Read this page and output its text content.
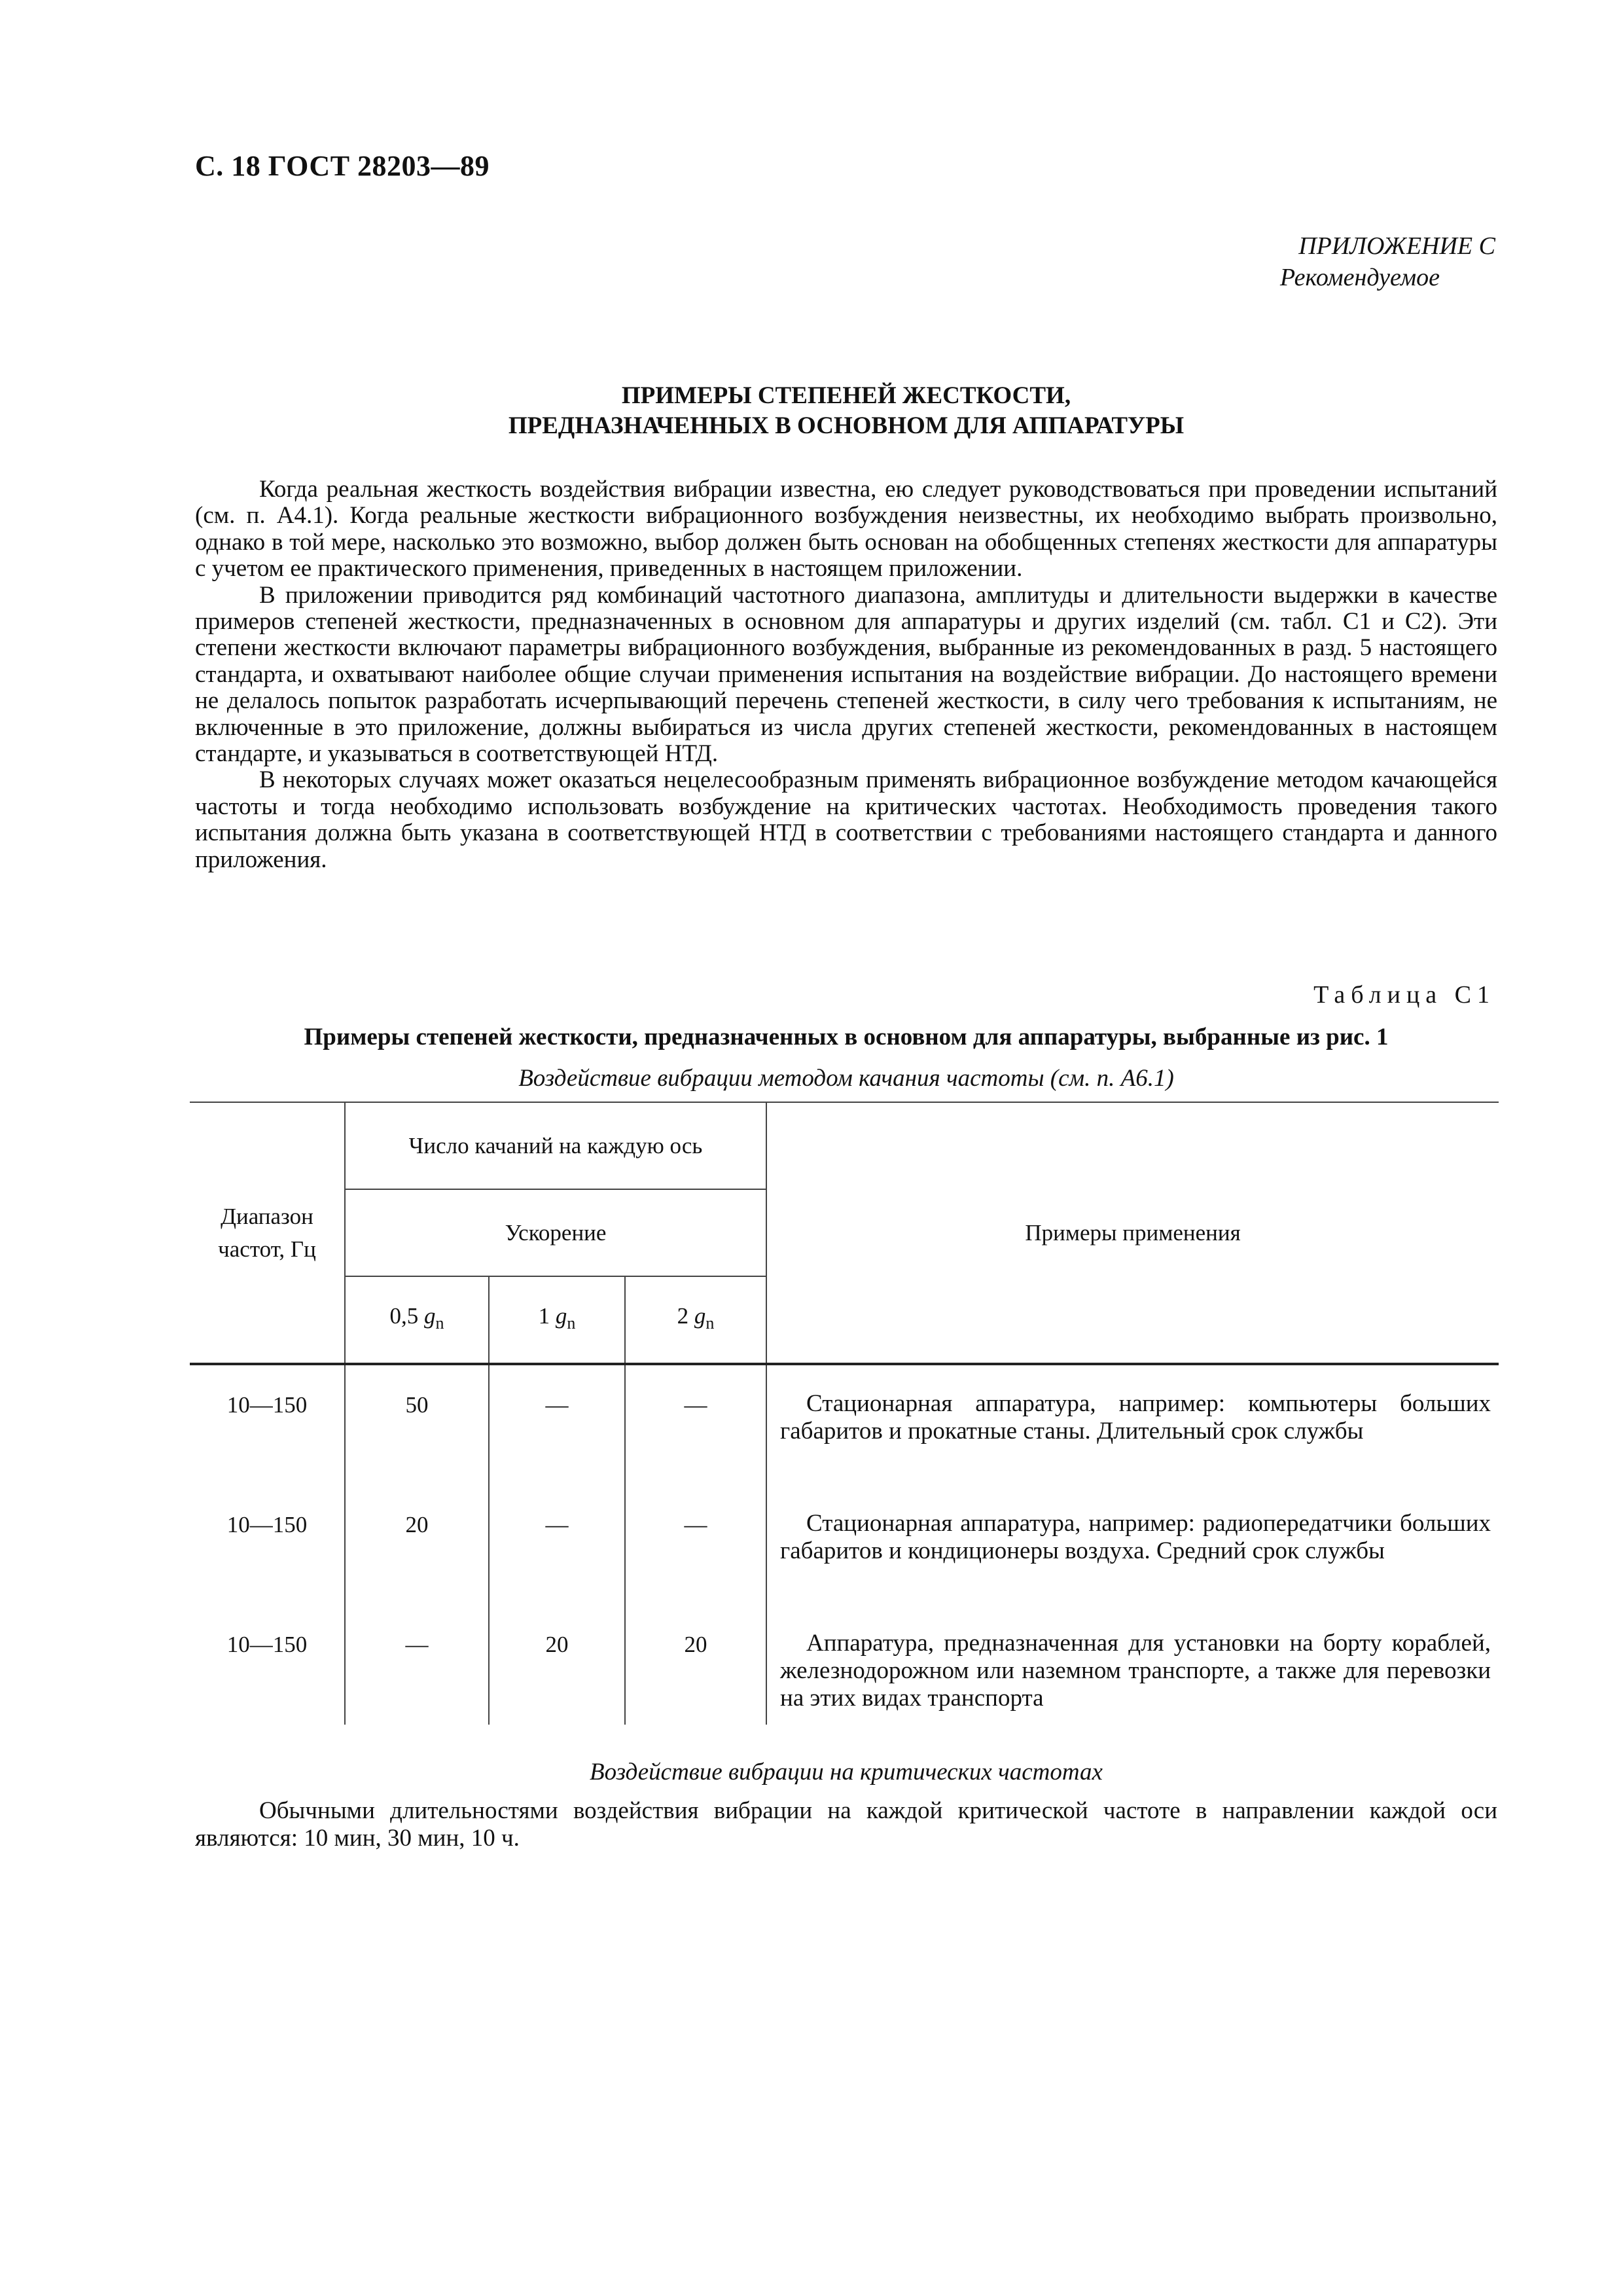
С. 18 ГОСТ 28203—89
ПРИЛОЖЕНИЕ С
Рекомендуемое
ПРИМЕРЫ СТЕПЕНЕЙ ЖЕСТКОСТИ,
ПРЕДНАЗНАЧЕННЫХ В ОСНОВНОМ ДЛЯ АППАРАТУРЫ

Когда реальная жесткость воздействия вибрации известна, ею следует руководствоваться при проведении испытаний (см. п. А4.1). Когда реальные жесткости вибрационного возбуждения неизвестны, их необходимо выбрать произвольно, однако в той мере, насколько это возможно, выбор должен быть основан на обобщенных степенях жесткости для аппаратуры с учетом ее практического применения, приведенных в настоящем приложении.

В приложении приводится ряд комбинаций частотного диапазона, амплитуды и длительности выдержки в качестве примеров степеней жесткости, предназначенных в основном для аппаратуры и других изделий (см. табл. С1 и С2). Эти степени жесткости включают параметры вибрационного возбуждения, выбранные из рекомендованных в разд. 5 настоящего стандарта, и охватывают наиболее общие случаи применения испытания на воздействие вибрации. До настоящего времени не делалось попыток разработать исчерпывающий перечень степеней жесткости, в силу чего требования к испытаниям, не включенные в это приложение, должны выбираться из числа других степеней жесткости, рекомендованных в настоящем стандарте, и указываться в соответствующей НТД.

В некоторых случаях может оказаться нецелесообразным применять вибрационное возбуждение методом качающейся частоты и тогда необходимо использовать возбуждение на критических частотах. Необходимость проведения такого испытания должна быть указана в соответствующей НТД в соответствии с требованиями настоящего стандарта и данного приложения.

Таблица С1
Примеры степеней жесткости, предназначенных в основном для аппаратуры, выбранные из рис. 1
Воздействие вибрации методом качания частоты (см. п. А6.1)
Диапазон частот, Гц	Число качаний на каждую ось			Примеры применения
	Ускорение			
	0,5 $g_n$	1 $g_n$	2 $g_n$
10—150	50	—	—	Стационарная аппаратура, например: компьютеры больших габаритов и прокатные станы. Длительный срок службы
10—150	20	—	—	Стационарная аппаратура, например: радиопередатчики больших габаритов и кондиционеры воздуха. Средний срок службы
10—150	—	20	20	Аппаратура, предназначенная для установки на борту кораблей, железнодорожном или наземном транспорте, а также для перевозки на этих видах транспорта
Воздействие вибрации на критических частотах
Обычными длительностями воздействия вибрации на каждой критической частоте в направлении каждой оси являются: 10 мин, 30 мин, 10 ч.
